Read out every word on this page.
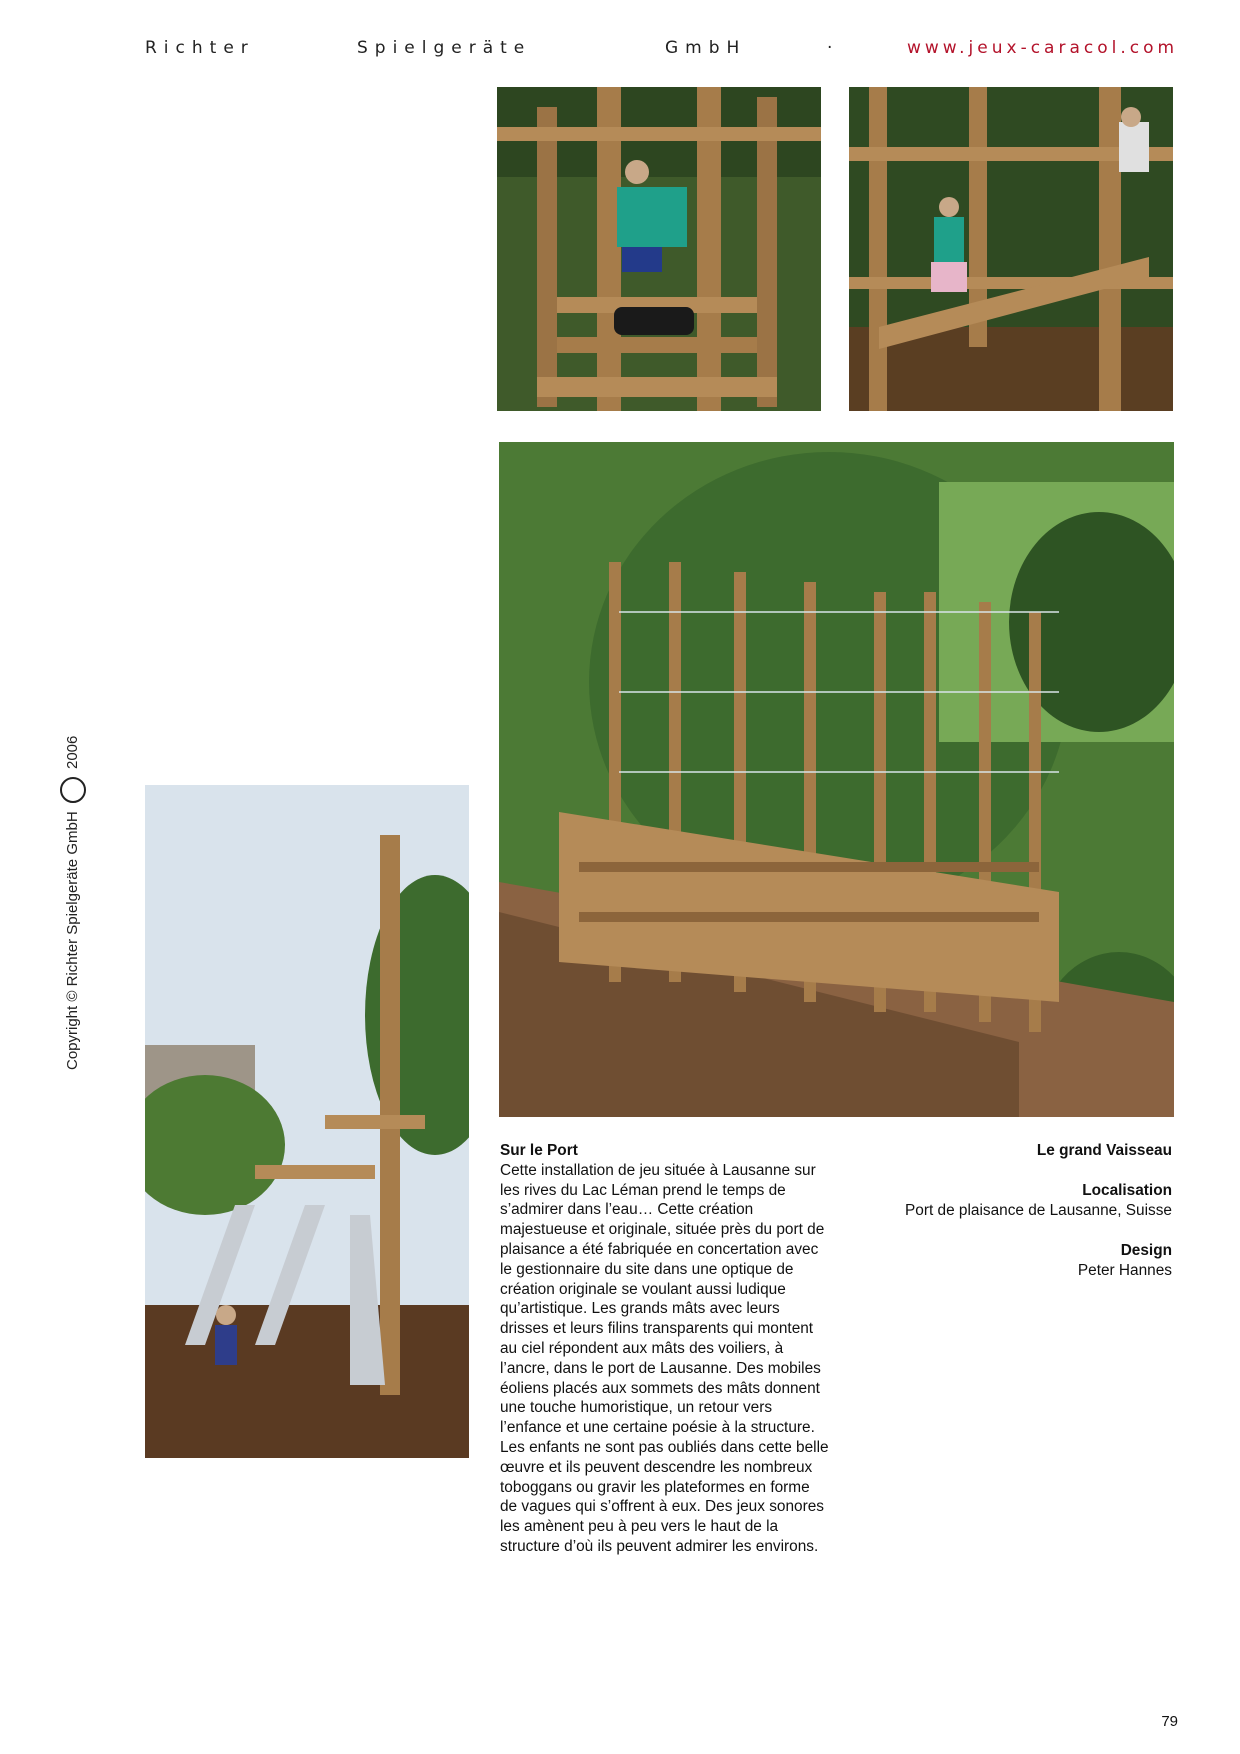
Richter	Spielgeräte	GmbH	·	www.jeux-caracol.com
Copyright © Richter Spielgeräte GmbH  2006
Sur le Port

Cette installation de jeu située à Lausanne sur les rives du Lac Léman prend le temps de s’admirer dans l’eau… Cette création majestueuse et originale, située près du port de plaisance a été fabriquée en concertation avec le gestionnaire du site dans une optique de création originale se voulant aussi ludique qu’artistique. Les grands mâts avec leurs drisses et leurs filins transparents qui montent au ciel répondent aux mâts des voiliers, à l’ancre, dans le port de Lausanne. Des mobiles éoliens placés aux sommets des mâts donnent une touche humoristique, un retour vers l’enfance et une certaine poésie à la structure. Les enfants ne sont pas oubliés dans cette belle œuvre et ils peuvent descendre les nombreux toboggans ou gravir les plateformes en forme de vagues qui s’offrent à eux. Des jeux sonores les amènent peu à peu vers le haut de la structure d’où ils peuvent admirer les environs.

Le grand Vaisseau
Localisation
Port de plaisance de Lausanne, Suisse
Design
Peter Hannes
79
